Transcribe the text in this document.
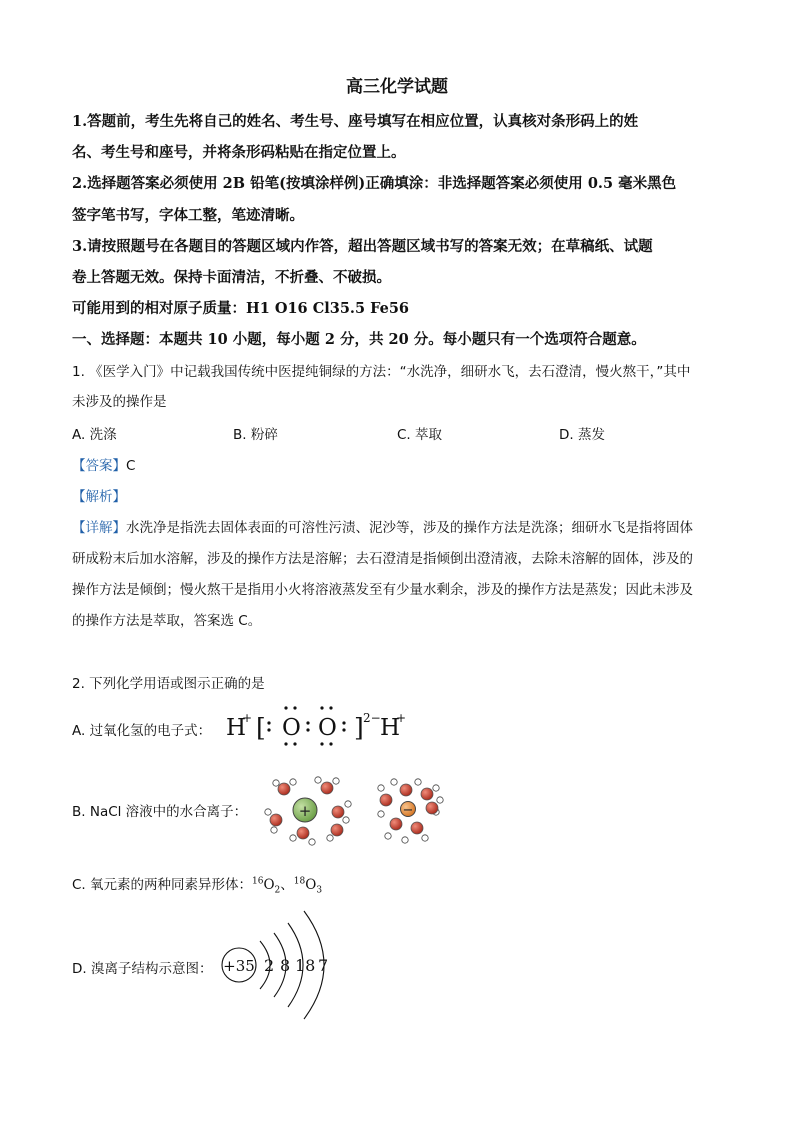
高三化学试题
1.答题前，考生先将自己的姓名、考生号、座号填写在相应位置，认真核对条形码上的姓
名、考生号和座号，并将条形码粘贴在指定位置上。
2.选择题答案必须使用 2B 铅笔(按填涂样例)正确填涂：非选择题答案必须使用 0.5 毫米黑色
签字笔书写，字体工整，笔迹清晰。
3.请按照题号在各题目的答题区域内作答，超出答题区域书写的答案无效；在草稿纸、试题
卷上答题无效。保持卡面清洁，不折叠、不破损。
可能用到的相对原子质量：H1 O16 Cl35.5 Fe56
一、选择题：本题共 10 小题，每小题 2 分，共 20 分。每小题只有一个选项符合题意。
1. 《医学入门》中记载我国传统中医提纯铜绿的方法：“水洗净，细研水飞，去石澄清，慢火熬干，”其中
未涉及的操作是
A. 洗涤	B. 粉碎	C. 萃取	D. 蒸发
【答案】C
【解析】
【详解】水洗净是指洗去固体表面的可溶性污渍、泥沙等，涉及的操作方法是洗涤；细研水飞是指将固体
研成粉末后加水溶解，涉及的操作方法是溶解；去石澄清是指倾倒出澄清液，去除未溶解的固体，涉及的
操作方法是倾倒；慢火熬干是指用小火将溶液蒸发至有少量水剩余，涉及的操作方法是蒸发；因此未涉及
的操作方法是萃取，答案选 C。
2. 下列化学用语或图示正确的是
A. 过氧化氢的电子式： H
+ [ O O ] 2− H
+
B. NaCl 溶液中的水合离子：	+	−
C. 氧元素的两种同素异形体：$^{16}O_2$、$^{18}O_3$
D. 溴离子结构示意图： +35 2 8 18 7
